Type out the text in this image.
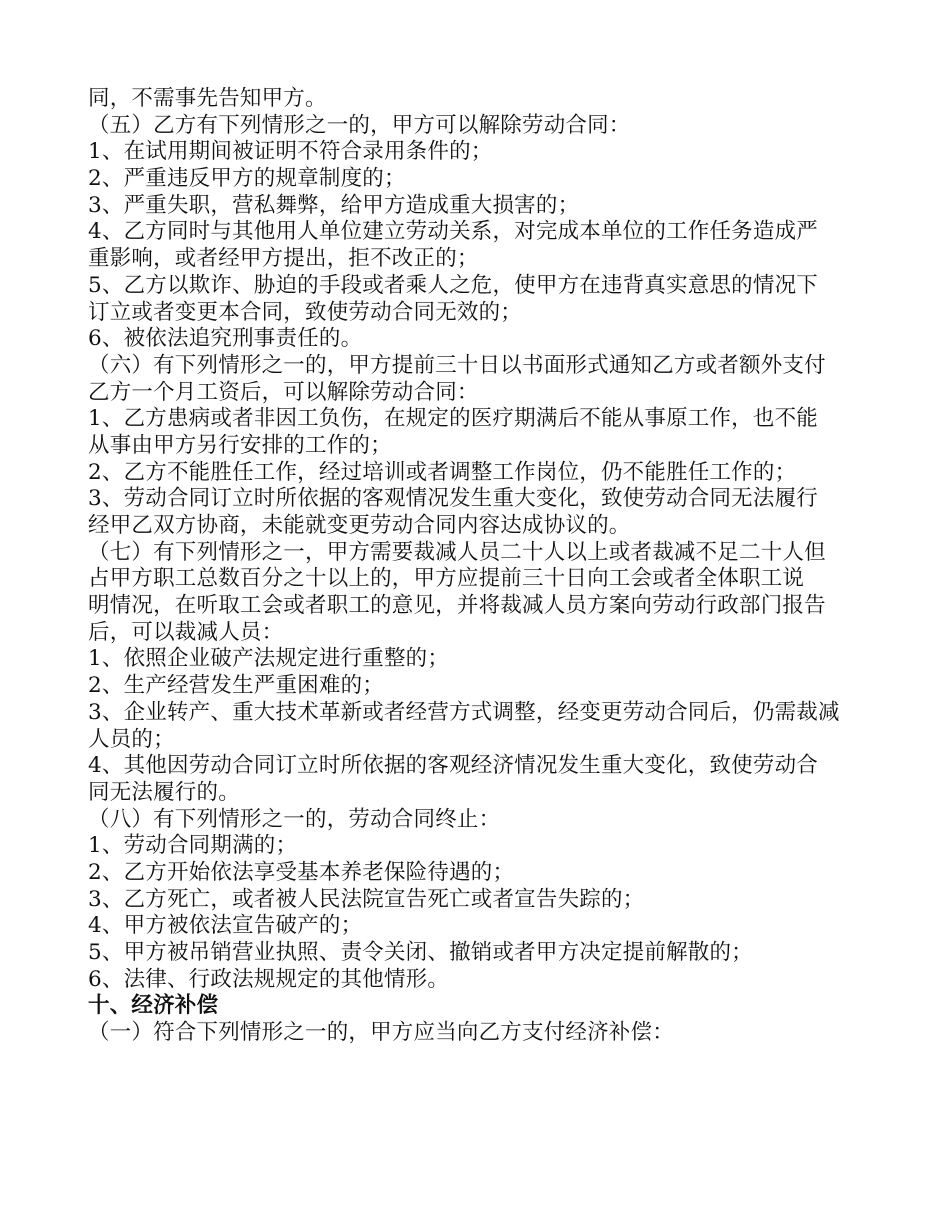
同，不需事先告知甲方。
（五）乙方有下列情形之一的，甲方可以解除劳动合同：
1、在试用期间被证明不符合录用条件的；
2、严重违反甲方的规章制度的；
3、严重失职，营私舞弊，给甲方造成重大损害的；
4、乙方同时与其他用人单位建立劳动关系，对完成本单位的工作任务造成严
重影响，或者经甲方提出，拒不改正的；
5、乙方以欺诈、胁迫的手段或者乘人之危，使甲方在违背真实意思的情况下
订立或者变更本合同，致使劳动合同无效的；
6、被依法追究刑事责任的。
（六）有下列情形之一的，甲方提前三十日以书面形式通知乙方或者额外支付
乙方一个月工资后，可以解除劳动合同：
1、乙方患病或者非因工负伤，在规定的医疗期满后不能从事原工作，也不能
从事由甲方另行安排的工作的；
2、乙方不能胜任工作，经过培训或者调整工作岗位，仍不能胜任工作的；
3、劳动合同订立时所依据的客观情况发生重大变化，致使劳动合同无法履行
经甲乙双方协商，未能就变更劳动合同内容达成协议的。
（七）有下列情形之一，甲方需要裁减人员二十人以上或者裁减不足二十人但
占甲方职工总数百分之十以上的，甲方应提前三十日向工会或者全体职工说
明情况，在听取工会或者职工的意见，并将裁减人员方案向劳动行政部门报告
后，可以裁减人员：
1、依照企业破产法规定进行重整的；
2、生产经营发生严重困难的；
3、企业转产、重大技术革新或者经营方式调整，经变更劳动合同后，仍需裁减
人员的；
4、其他因劳动合同订立时所依据的客观经济情况发生重大变化，致使劳动合
同无法履行的。
（八）有下列情形之一的，劳动合同终止：
1、劳动合同期满的；
2、乙方开始依法享受基本养老保险待遇的；
3、乙方死亡，或者被人民法院宣告死亡或者宣告失踪的；
4、甲方被依法宣告破产的；
5、甲方被吊销营业执照、责令关闭、撤销或者甲方决定提前解散的；
6、法律、行政法规规定的其他情形。
十、经济补偿
（一）符合下列情形之一的，甲方应当向乙方支付经济补偿：
